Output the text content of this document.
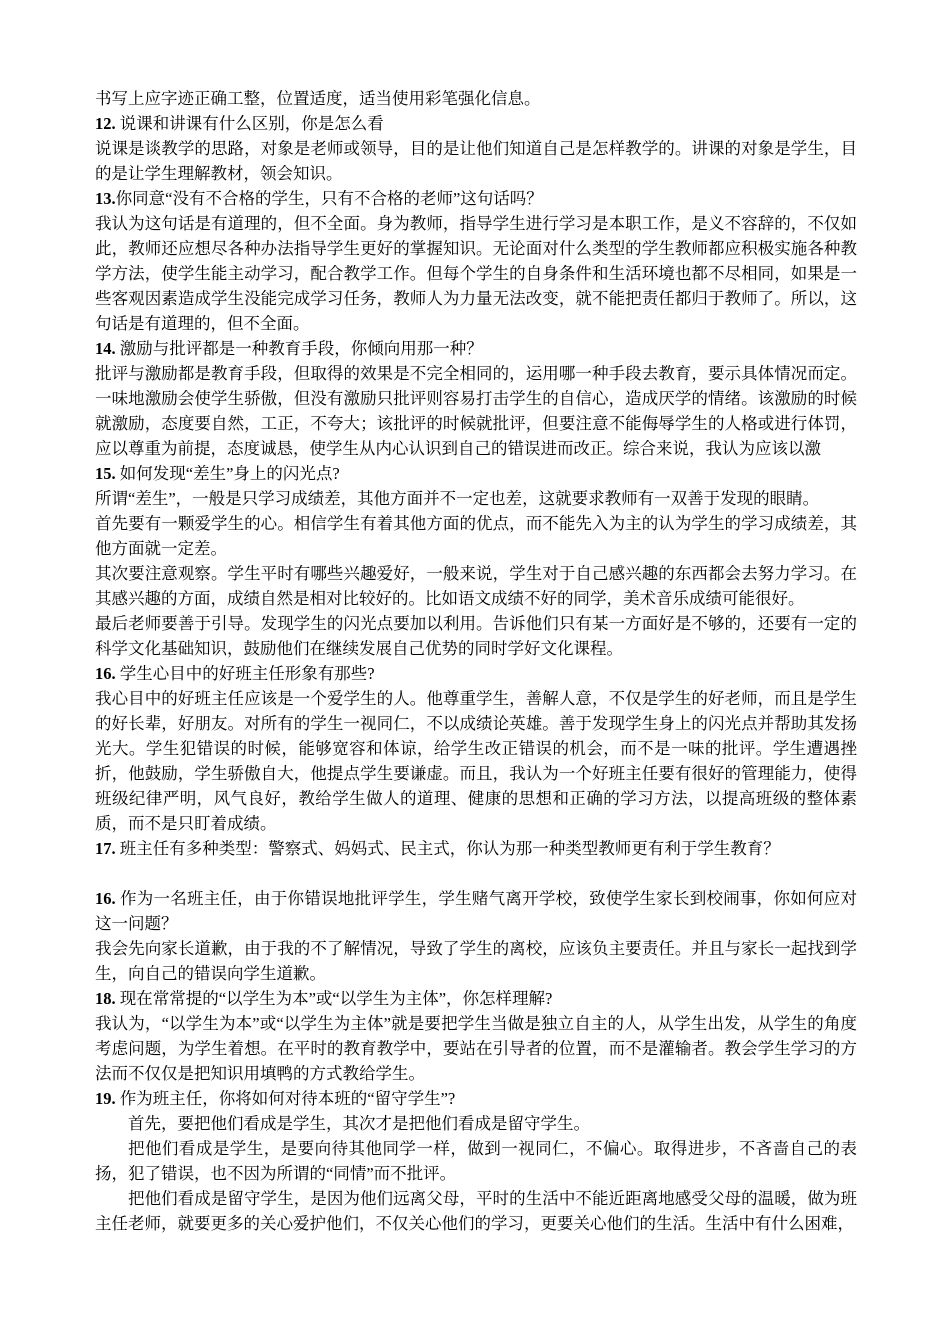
书写上应字迹正确工整，位置适度，适当使用彩笔强化信息。

12. 说课和讲课有什么区别，你是怎么看

说课是谈教学的思路，对象是老师或领导，目的是让他们知道自己是怎样教学的。讲课的对象是学生，目的是让学生理解教材，领会知识。

13.你同意“没有不合格的学生，只有不合格的老师”这句话吗？

我认为这句话是有道理的，但不全面。身为教师，指导学生进行学习是本职工作，是义不容辞的，不仅如此，教师还应想尽各种办法指导学生更好的掌握知识。无论面对什么类型的学生教师都应积极实施各种教学方法，使学生能主动学习，配合教学工作。但每个学生的自身条件和生活环境也都不尽相同，如果是一些客观因素造成学生没能完成学习任务，教师人为力量无法改变，就不能把责任都归于教师了。所以，这句话是有道理的，但不全面。

14. 激励与批评都是一种教育手段，你倾向用那一种？

批评与激励都是教育手段，但取得的效果是不完全相同的，运用哪一种手段去教育，要示具体情况而定。一味地激励会使学生骄傲，但没有激励只批评则容易打击学生的自信心，造成厌学的情绪。该激励的时候就激励，态度要自然，工正，不夸大；该批评的时候就批评，但要注意不能侮辱学生的人格或进行体罚，应以尊重为前提，态度诚恳，使学生从内心认识到自己的错误进而改正。综合来说，我认为应该以激

15. 如何发现“差生”身上的闪光点?

所谓“差生”，一般是只学习成绩差，其他方面并不一定也差，这就要求教师有一双善于发现的眼睛。

首先要有一颗爱学生的心。相信学生有着其他方面的优点，而不能先入为主的认为学生的学习成绩差，其他方面就一定差。

其次要注意观察。学生平时有哪些兴趣爱好，一般来说，学生对于自己感兴趣的东西都会去努力学习。在其感兴趣的方面，成绩自然是相对比较好的。比如语文成绩不好的同学，美术音乐成绩可能很好。

最后老师要善于引导。发现学生的闪光点要加以利用。告诉他们只有某一方面好是不够的，还要有一定的科学文化基础知识，鼓励他们在继续发展自己优势的同时学好文化课程。

16. 学生心目中的好班主任形象有那些?

我心目中的好班主任应该是一个爱学生的人。他尊重学生，善解人意，不仅是学生的好老师，而且是学生的好长辈，好朋友。对所有的学生一视同仁，不以成绩论英雄。善于发现学生身上的闪光点并帮助其发扬光大。学生犯错误的时候，能够宽容和体谅，给学生改正错误的机会，而不是一味的批评。学生遭遇挫折，他鼓励，学生骄傲自大，他提点学生要谦虚。而且，我认为一个好班主任要有很好的管理能力，使得班级纪律严明，风气良好，教给学生做人的道理、健康的思想和正确的学习方法，以提高班级的整体素质，而不是只盯着成绩。

17. 班主任有多种类型：警察式、妈妈式、民主式，你认为那一种类型教师更有利于学生教育？

16. 作为一名班主任，由于你错误地批评学生，学生赌气离开学校，致使学生家长到校闹事，你如何应对这一问题？

我会先向家长道歉，由于我的不了解情况，导致了学生的离校，应该负主要责任。并且与家长一起找到学生，向自己的错误向学生道歉。

18. 现在常常提的“以学生为本”或“以学生为主体”，你怎样理解?

我认为，“以学生为本”或“以学生为主体”就是要把学生当做是独立自主的人，从学生出发，从学生的角度考虑问题，为学生着想。在平时的教育教学中，要站在引导者的位置，而不是灌输者。教会学生学习的方法而不仅仅是把知识用填鸭的方式教给学生。

19. 作为班主任，你将如何对待本班的“留守学生”?

首先，要把他们看成是学生，其次才是把他们看成是留守学生。

把他们看成是学生，是要向待其他同学一样，做到一视同仁，不偏心。取得进步，不吝啬自己的表扬，犯了错误，也不因为所谓的“同情”而不批评。

把他们看成是留守学生，是因为他们远离父母，平时的生活中不能近距离地感受父母的温暖，做为班主任老师，就要更多的关心爱护他们，不仅关心他们的学习，更要关心他们的生活。生活中有什么困难，
